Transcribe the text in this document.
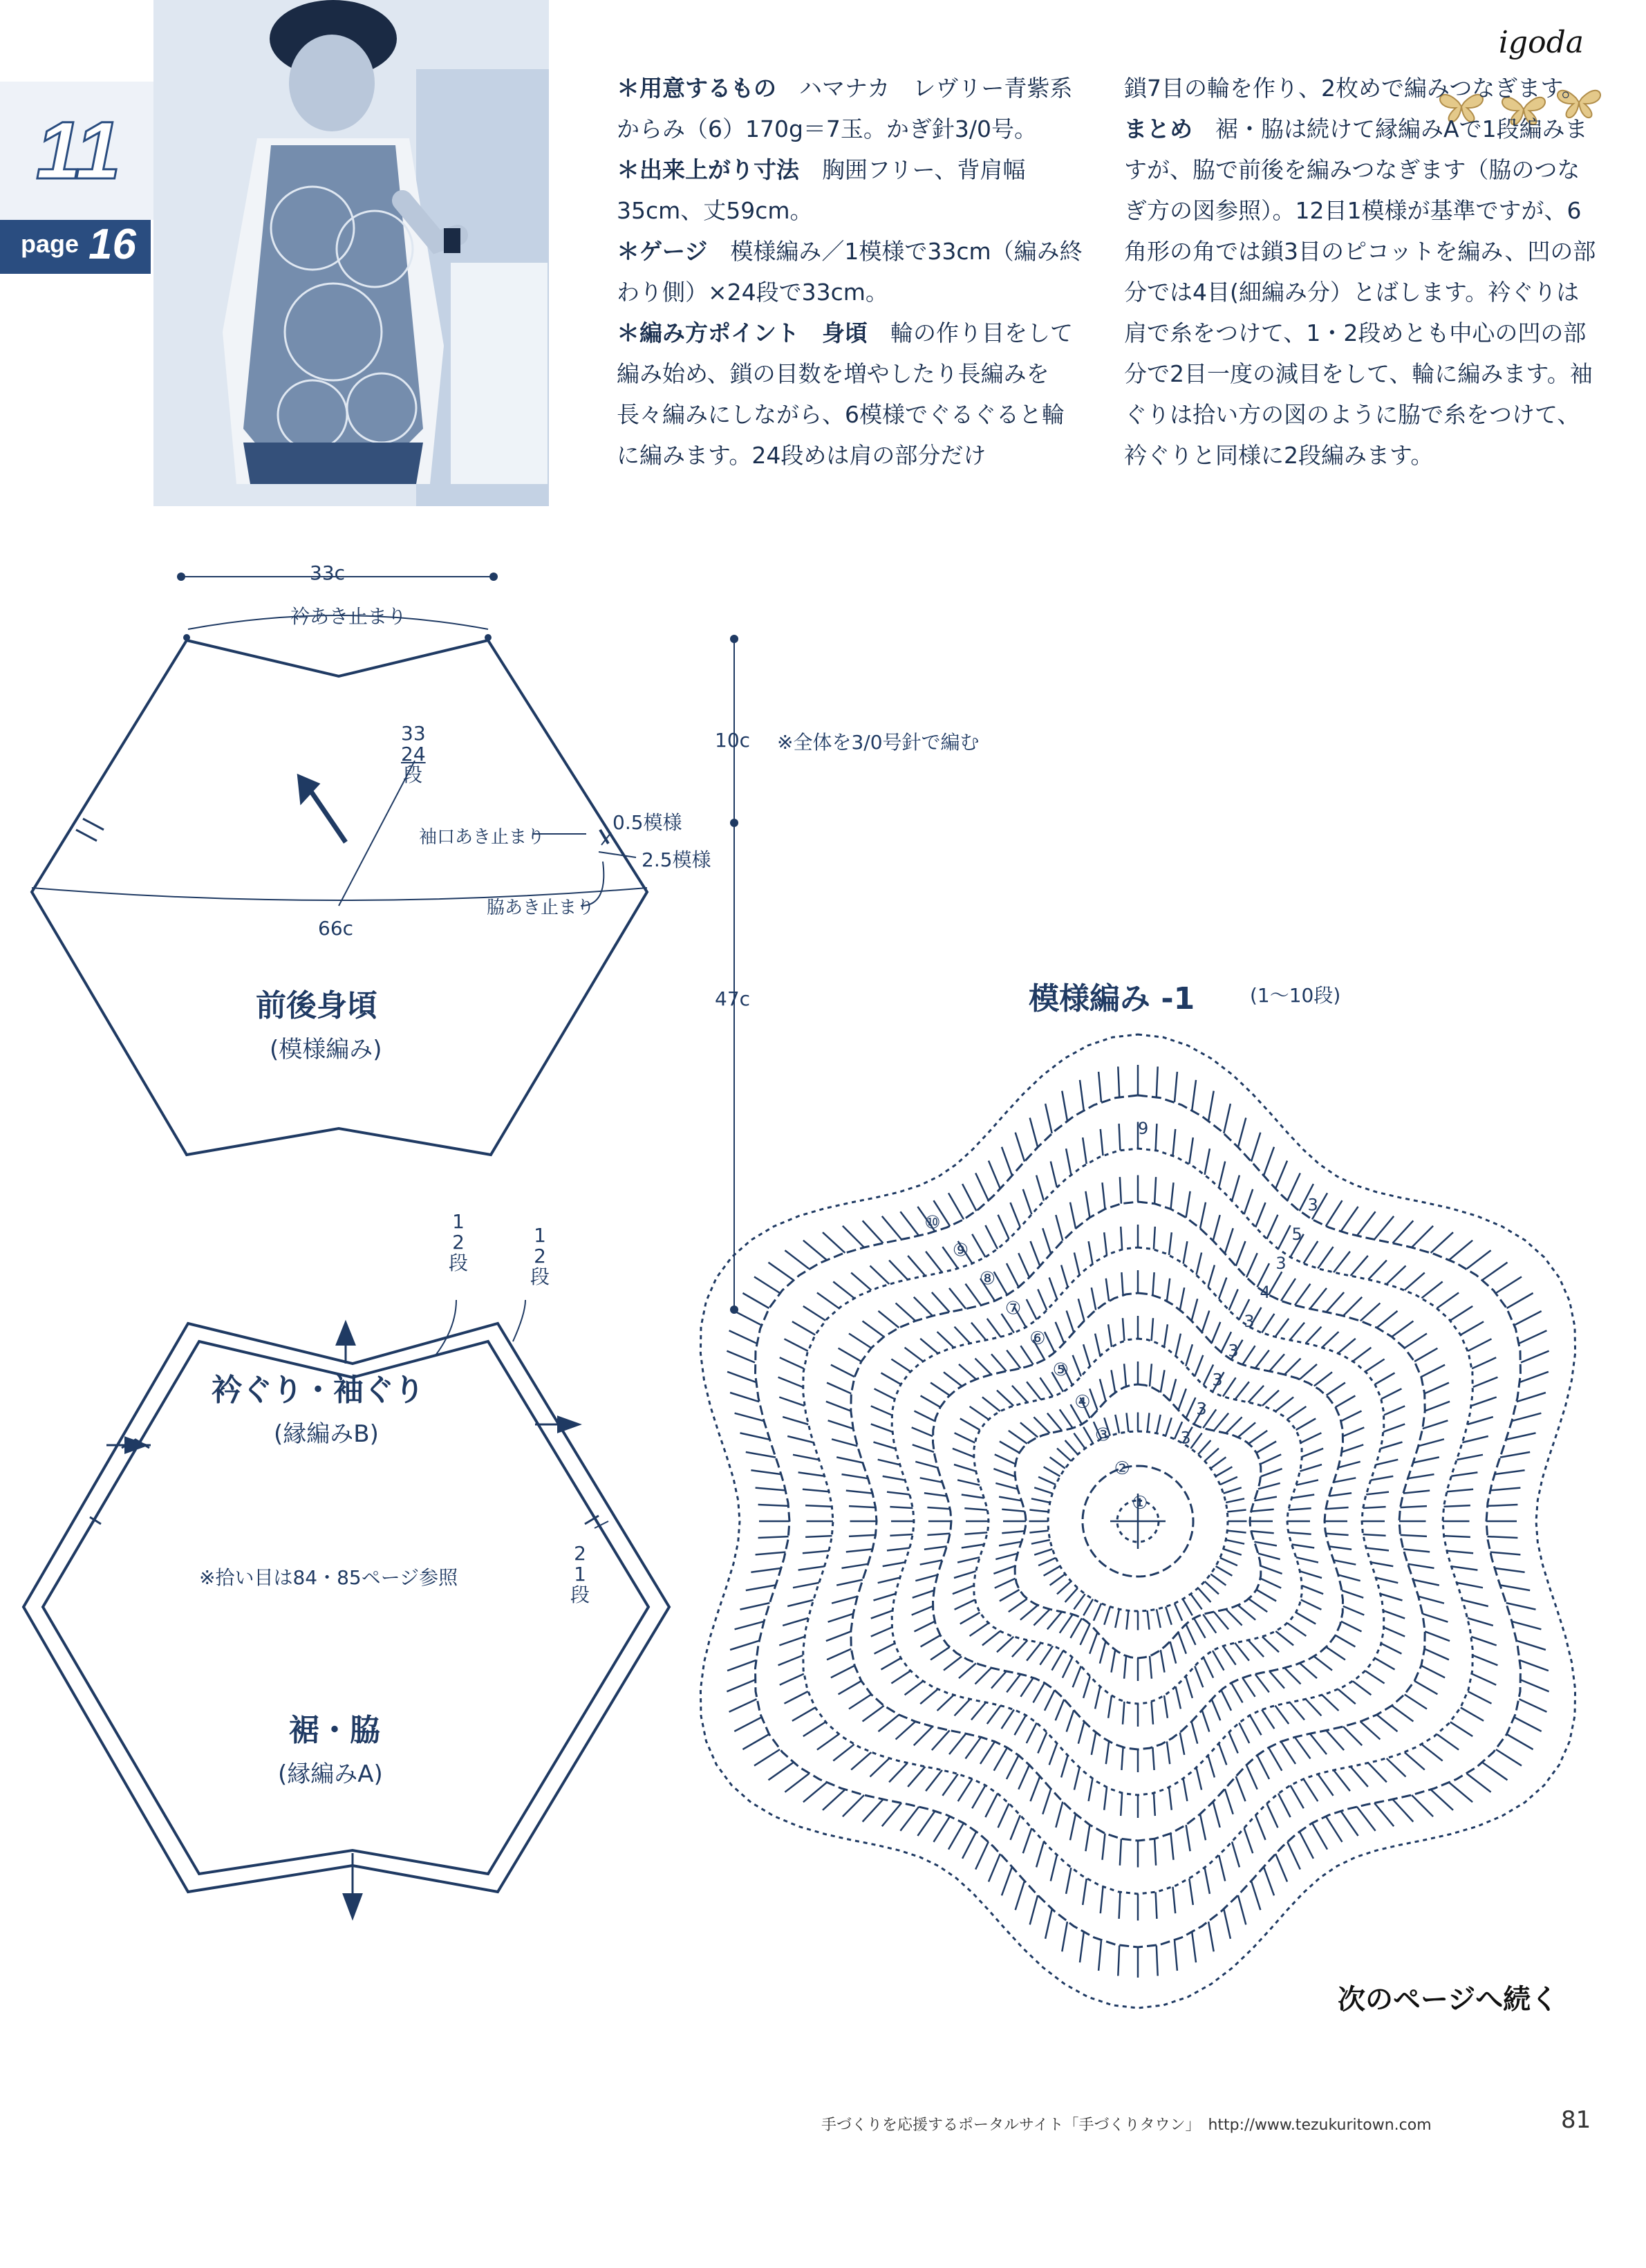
11
page 16
igoda

＊用意するもの　ハマナカ　レヴリー青紫系からみ（6）170g＝7玉。かぎ針3/0号。

＊出来上がり寸法　胸囲フリー、背肩幅35cm、丈59cm。

＊ゲージ　模様編み／1模様で33cm（編み終わり側）×24段で33cm。

＊編み方ポイント　身頃　輪の作り目をして編み始め、鎖の目数を増やしたり長編みを長々編みにしながら、6模様でぐるぐると輪に編みます。24段めは肩の部分だけ

鎖7目の輪を作り、2枚めで編みつなぎます。まとめ　裾・脇は続けて縁編みAで1段編みますが、脇で前後を編みつなぎます（脇のつなぎ方の図参照）。12目1模様が基準ですが、6角形の角では鎖3目のピコットを編み、凹の部分では4目(細編み分）とばします。衿ぐりは肩で糸をつけて、1・2段めとも中心の凹の部分で2目一度の減目をして、輪に編みます。袖ぐりは拾い方の図のように脇で糸をつけて、衿ぐりと同様に2段編みます。

33c
衿あき止まり
33
24
段
袖口あき止まり
0.5模様
2.5模様
脇あき止まり
66c
10c
47c
※全体を3/0号針で編む
前後身頃
(模様編み)
1
2
段
1
2
段
2
1
段
衿ぐり・袖ぐり
(縁編みB)
※拾い目は84・85ページ参照
裾・脇
(縁編みA)
模様編み -1	(1〜10段)
①
②
③
④
⑤
⑥
⑦
⑧
⑨
⑩
9
3
5
3
4
3
3
3
3
3
次のページへ続く
手づくりを応援するポータルサイト「手づくりタウン」　http://www.tezukuritown.com	81
